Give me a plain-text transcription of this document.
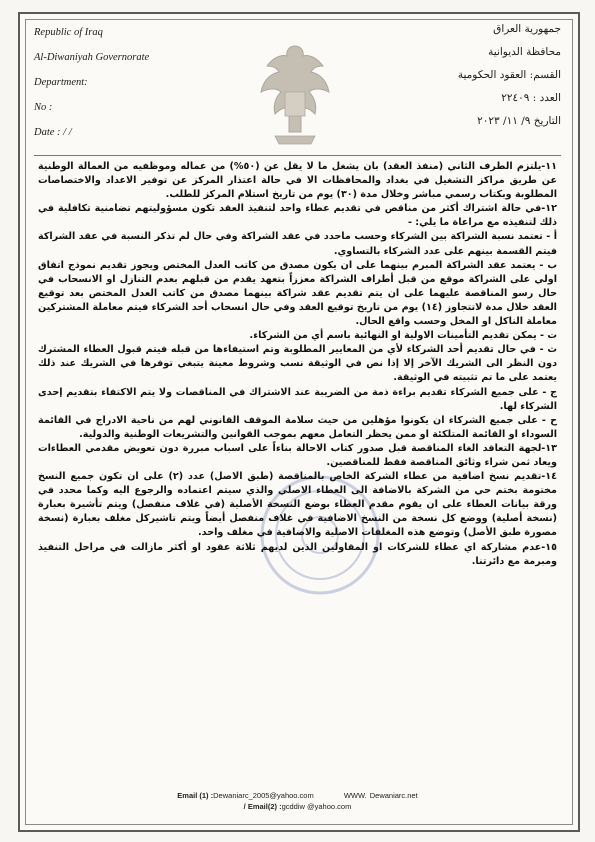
Republic of Iraq
Al-Diwaniyah Governorate
Department:
No :
Date : / /
جمهورية العراق
محافظة الديوانية
القسم: العقود الحكومية
العدد : ٢٢٤٠٩
التاريخ ٩/ ١١/ ٢٠٢٣

١١-يلتزم الطرف الثاني (منفذ العقد) بان يشغل ما لا يقل عن (٥٠%) من عماله وموظفيه من العمالة الوطنية عن طريق مراكز التشغيل في بغداد والمحافظات الا في حالة اعتذار المركز عن توفير الاعداد والاختصاصات المطلوبة وبكتاب رسمي مباشر وخلال مدة (٣٠) يوم من تاريخ استلام المركز للطلب.

١٢-في حالة اشتراك أكثر من مناقص في تقديم عطاء واحد لتنفيذ العقد تكون مسؤوليتهم تضامنية تكافلية في ذلك لتنفيذه مع مراعاة ما يلي: -

أ - تعتمد نسبة الشراكة بين الشركاء وحسب ماحدد في عقد الشراكة وفي حال لم تذكر النسبة في عقد الشراكة فيتم القسمة بينهم على عدد الشركاء بالتساوي.

ب - يعتمد عقد الشراكة المبرم بينهما على ان يكون مصدق من كاتب العدل المختص ويجوز تقديم نموذج اتفاق اولي على الشراكة موقع من قبل أطراف الشراكة معززاً بتعهد يقدم من قبلهم بعدم التنازل او الانسحاب في حال رسو المناقصة عليهما على ان يتم تقديم عقد شراكة بينهما مصدق من كاتب العدل المختص بعد توقيع العقد خلال مدة لاتتجاوز (١٤) يوم من تاريخ توقيع العقد وفي حال انسحاب أحد الشركاء فيتم معاملة المشتركين معاملة الناكل او المخل وحسب واقع الحال.

ت - يمكن تقديم التأمينات الاولية او النهائية باسم أي من الشركاء.

ث - في حال تقديم أحد الشركاء لأي من المعايير المطلوبة وتم استيفاءها من قبله فيتم قبول العطاء المشترك دون النظر الى الشريك الآخر إلا إذا نص في الوثيقة نسب وشروط معينة يتبغي توفرها في الشريك عند ذلك يعتمد على ما تم تثبيته في الوثيقة.

ج - على جميع الشركاء تقديم براءة ذمة من الضريبة عند الاشتراك في المناقصات ولا يتم الاكتفاء بتقديم إحدى الشركاء لها.

ح - على جميع الشركاء ان يكونوا مؤهلين من حيث سلامة الموقف القانوني لهم من ناحية الادراج في القائمة السوداء او القائمة المتلكئة او ممن يحظر التعامل معهم بموجب القوانين والتشريعات الوطنية والدولية.

١٣-لجهة التعاقد الغاء المناقصة قبل صدور كتاب الاحالة بناءاً على اسباب مبررة دون تعويض مقدمي العطاءات ويعاد ثمن شراء وثائق المناقصة فقط للمناقصين.

١٤-تقديم نسخ اضافية من عطاء الشركة الخاص بالمناقصة (طبق الاصل) عدد (٢) على ان تكون جميع النسخ مختومة بختم حي من الشركة بالاضافة الى العطاء الاصلي والذي سيتم اعتماده والرجوع اليه وكما محدد في ورقة بيانات العطاء على ان يقوم مقدم العطاء بوضع النسخة الأصلية (في غلاف منفصل) ويتم تأشيرة بعبارة (نسخة أصلية) ووضع كل نسخة من النسخ الاضافية في غلاف منفصل أيضاً ويتم تاشيرکل مغلف بعبارة (نسخة مصورة طبق الأصل) وتوضع هذه المغلفات الاصلية والاضافية في مغلف واحد.

١٥-عدم مشاركة اي عطاء للشركات او المقاولين الذين لديهم ثلاثة عقود او أكثر مازالت في مراحل التنفيذ ومبرمة مع دائرتنا.

Email (1) :Dewaniarc_2005@yahoo.com	WWW. Dewaniarc.net
/ Email(2) :gcddiw @yahoo.com
